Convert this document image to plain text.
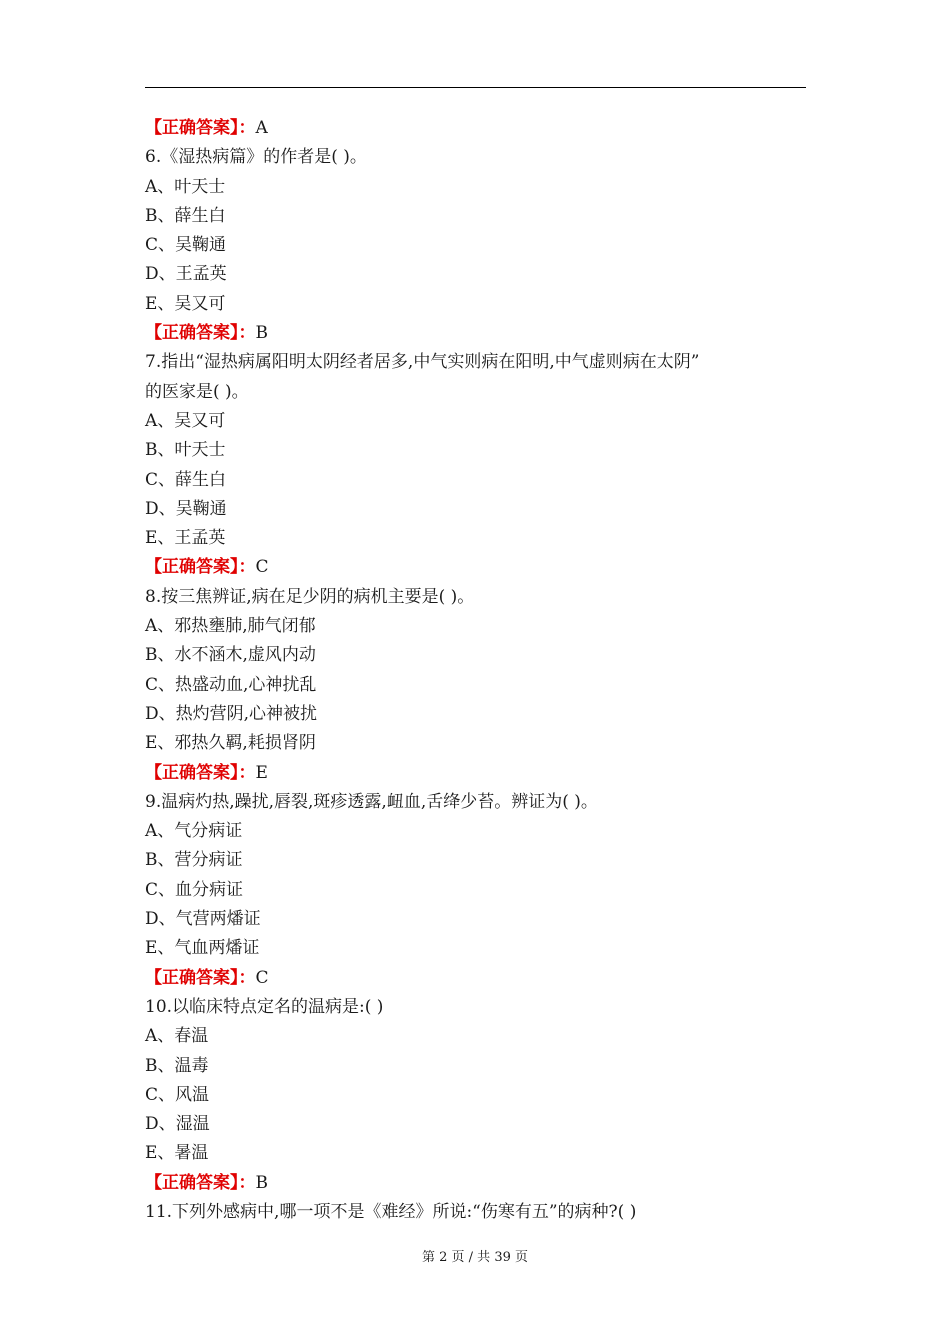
【正确答案】：A
6.《湿热病篇》的作者是( )。
A、叶天士
B、薛生白
C、吴鞠通
D、王孟英
E、吴又可
【正确答案】：B
7.指出“湿热病属阳明太阴经者居多,中气实则病在阳明,中气虚则病在太阴”
的医家是( )。
A、吴又可
B、叶天士
C、薛生白
D、吴鞠通
E、王孟英
【正确答案】：C
8.按三焦辨证,病在足少阴的病机主要是( )。
A、邪热壅肺,肺气闭郁
B、水不涵木,虚风内动
C、热盛动血,心神扰乱
D、热灼营阴,心神被扰
E、邪热久羁,耗损肾阴
【正确答案】：E
9.温病灼热,躁扰,唇裂,斑疹透露,衄血,舌绛少苔。辨证为( )。
A、气分病证
B、营分病证
C、血分病证
D、气营两燔证
E、气血两燔证
【正确答案】：C
10.以临床特点定名的温病是:( )
A、春温
B、温毒
C、风温
D、湿温
E、暑温
【正确答案】：B
11.下列外感病中,哪一项不是《难经》所说:“伤寒有五”的病种?( )
第 2 页 / 共 39 页
